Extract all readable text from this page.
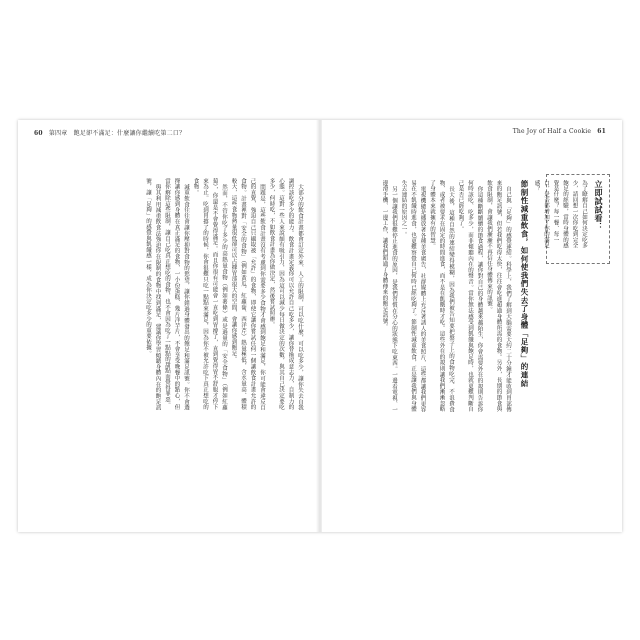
60 第四章　飽足卻不滿足：什麼讓你繼續吃第二口？

大部分的飲食計畫都會訂定外來、人工的限制，可以吃什麼，可以吃多少，讓你失去自我調控該吃多少的能力。飲食計畫定義你可以允許自己吃多少，讓你替換成意志力，自制力的心態。這對一些人來說頗有吸引力，因為這可以減少每日做決定的次數，與其自己決定要吃多少，何時吃，不如飲食計畫為你做決定，然後嘗試照辦。

問題是，這些飲食計畫沒有考慮到你需要多少食物才會感到飽足和滿足，你可能會違反自己的直覺，強迫自己只攝取被「允許」的食物，即使它讓你嘗試任何一個讓飲食計畫允許的食物。計畫裡對「安全的食物」（例如黃瓜、紅蘿蔔、西洋芹）熱量極低，含水量高、體積較大，這些食物熱量很低卻可以占據胃部很大的空間，會讓你感到飽足。

然而，不管你吃了多少的高熱量食物（例如薯條）或是過量的「安全食物」（例如紅蘿蔔），你還是不會覺得滿足。而且你很有可能會一直吃到胃撐了，直到覺得胃不舒服才停下來為止。吃到胃撐了的時候，你會很難只吃一點點來滿足，因為你不被允許吃下真正想吃的食物。

減重飲食往往會讓你壓抑對食物的慾望，讓你錯過身體發出的飽足和滿足訊號。你不會選擇讓你感到身體在真正滿足的食物，一小份蛋糕、幾片洋芋片，不會享受晚餐中的點心，但當你解除這些限制，讓自己吃真正想吃的食物，也不會因為吃了一點點的甜點而覺得罪惡。

與其利用減重飲食法強迫你在限制的食物中找到滿足，建議你學習傾聽身體內在的飽足訊號，讓「足夠」的感覺與飢餓感一樣，成為你決定吃多少的重要依據。

The Joy of Half a Cookie 61
立即試試看：
為了瞭解自己如何決定吃多少，請回想一次你吃到完全飽足的經驗，當時身體的感覺是什麼？每一餐、每一口，是否都增加了你的滿足感？
節制性減重飲食，如何使我們失去了身體「足夠」的連結

自己與「足夠」的感覺連結。科學上，我們了解到大腦需要大約二十分鐘才能收到胃部傳來的飽足訊號，但若我們吃得太快，往往會吃進超過身體所需的食物。另外，長期的節食與飲食限制，會讓我們漸漸不再信任身體傳來的訊號。

你這種斷斷續續的節食過程，讓你對自己的身體越來越陌生，你會需要外在的規則告訴你何時該吃、吃多少，而非傾聽內在的聲音。當你無法感受到飢餓與飽足時，也就更難判斷自己是否已經吃夠了。

長大後，這種自然的連結變得模糊，因為我們被告知要把盤子上的食物吃完、不浪費食物，或者被要求在固定的時間進食，而不是在飢餓時才吃。這些外在的規則讓我們漸漸忽略了身體本來就擁有的智慧。

電視機總是播放著各種美食廣告，社群媒體上充斥著誘人的美食照片，這些都讓我們更容易在不飢餓時進食，也更難察覺自己何時已經吃夠了。節制性減重飲食，正是讓我們與身體失去連結的原因之一。

另一個讓我們很難停止進食的原因，是我們習慣在分心的狀態下吃東西。一邊看電視、一邊滑手機、一邊工作，讓我們錯過了身體傳來的飽足訊號。
